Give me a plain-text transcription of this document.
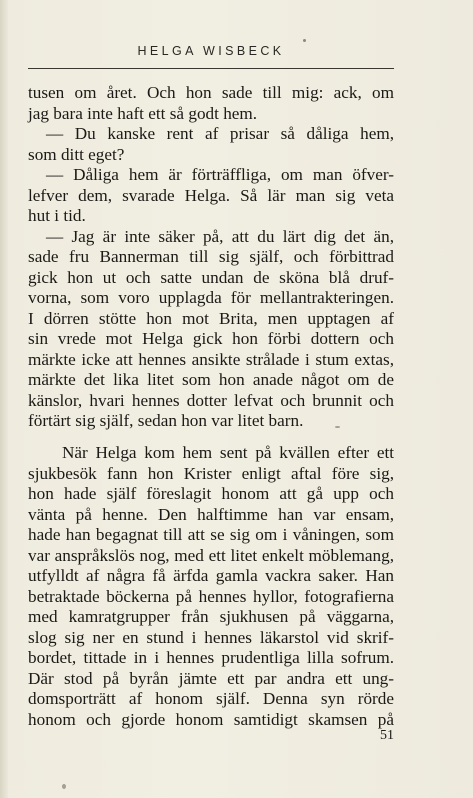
HELGA WISBECK
tusen om året. Och hon sade till mig: ack, om
jag bara inte haft ett så godt hem.
— Du kanske rent af prisar så dåliga hem,
som ditt eget?
— Dåliga hem är förträffliga, om man öfver-
lefver dem, svarade Helga. Så lär man sig veta
hut i tid.
— Jag är inte säker på, att du lärt dig det än,
sade fru Bannerman till sig själf, och förbittrad
gick hon ut och satte undan de sköna blå druf-
vorna, som voro upplagda för mellantrakteringen.
I dörren stötte hon mot Brita, men upptagen af
sin vrede mot Helga gick hon förbi dottern och
märkte icke att hennes ansikte strålade i stum extas,
märkte det lika litet som hon anade något om de
känslor, hvari hennes dotter lefvat och brunnit och
förtärt sig själf, sedan hon var litet barn.
När Helga kom hem sent på kvällen efter ett
sjukbesök fann hon Krister enligt aftal före sig,
hon hade själf föreslagit honom att gå upp och
vänta på henne. Den halftimme han var ensam,
hade han begagnat till att se sig om i våningen, som
var anspråkslös nog, med ett litet enkelt möblemang,
utfylldt af några få ärfda gamla vackra saker. Han
betraktade böckerna på hennes hyllor, fotografierna
med kamratgrupper från sjukhusen på väggarna,
slog sig ner en stund i hennes läkarstol vid skrif-
bordet, tittade in i hennes prudentliga lilla sofrum.
Där stod på byrån jämte ett par andra ett ung-
domsporträtt af honom själf. Denna syn rörde
honom och gjorde honom samtidigt skamsen på
51
